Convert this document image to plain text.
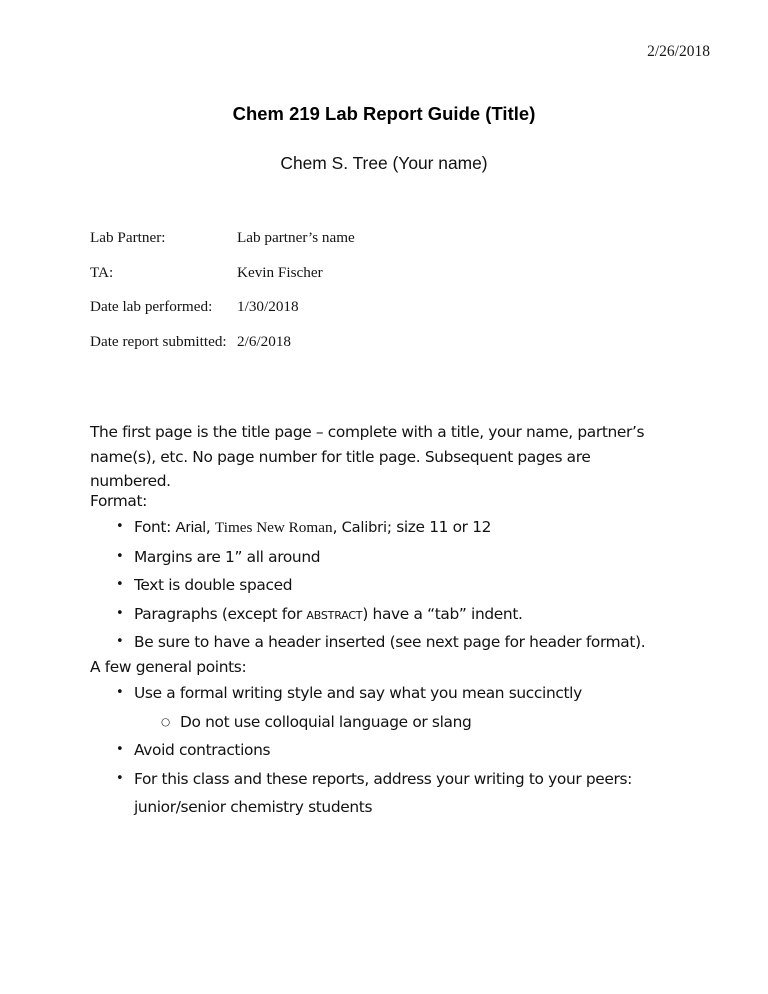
2/26/2018
Chem 219 Lab Report Guide (Title)
Chem S. Tree (Your name)
Lab Partner:	Lab partner’s name
TA:	Kevin Fischer
Date lab performed: 1/30/2018
Date report submitted: 2/6/2018

The first page is the title page – complete with a title, your name, partner’s name(s), etc. No page number for title page. Subsequent pages are numbered.

Format:
• Font: Arial, Times New Roman, Calibri; size 11 or 12
• Margins are 1” all around
• Text is double spaced
• Paragraphs (except for abstract) have a “tab” indent.
• Be sure to have a header inserted (see next page for header format).
A few general points:
• Use a formal writing style and say what you mean succinctly
○ Do not use colloquial language or slang
• Avoid contractions
• For this class and these reports, address your writing to your peers: junior/senior chemistry students
